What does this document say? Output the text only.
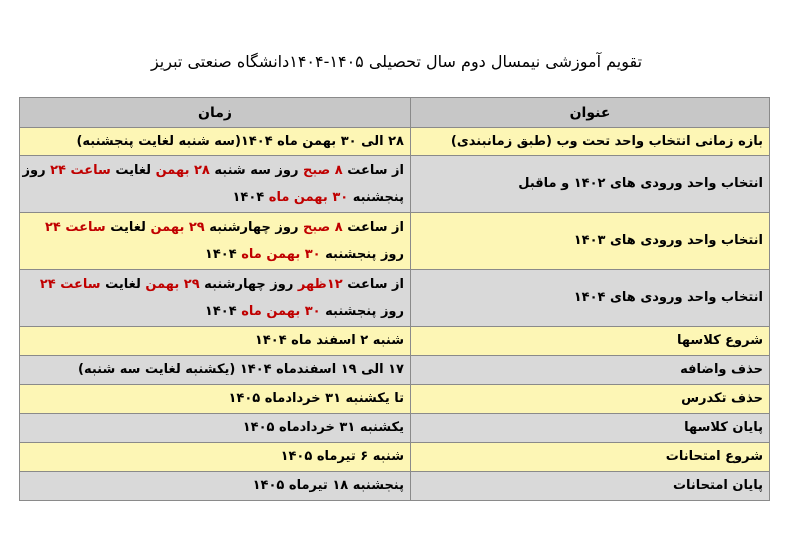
تقویم آموزشی نیمسال دوم سال تحصیلی ۱۴۰۵-۱۴۰۴دانشگاه صنعتی تبریز
عنوان	زمان
بازه زمانی انتخاب واحد تحت وب (طبق زمانبندی)	۲۸ الی ۳۰ بهمن ماه ۱۴۰۴(سه شنبه لغایت پنجشنبه)
انتخاب واحد ورودی های ۱۴۰۲ و ماقبل	از ساعت ۸ صبح روز سه شنبه ۲۸ بهمن لغایت ساعت ۲۴ روز
پنجشنبه ۳۰ بهمن ماه ۱۴۰۴

انتخاب واحد ورودی های ۱۴۰۳	از ساعت ۸ صبح روز چهارشنبه ۲۹ بهمن لغایت ساعت ۲۴
روز پنجشنبه ۳۰ بهمن ماه ۱۴۰۴

انتخاب واحد ورودی های ۱۴۰۴	از ساعت ۱۲ظهر روز چهارشنبه ۲۹ بهمن لغایت ساعت ۲۴
روز پنجشنبه ۳۰ بهمن ماه ۱۴۰۴

شروع کلاسها	شنبه ۲ اسفند ماه ۱۴۰۴
حذف واضافه	۱۷ الی ۱۹ اسفندماه ۱۴۰۴ (یکشنبه لغایت سه شنبه)
حذف تکدرس	تا یکشنبه ۳۱ خردادماه ۱۴۰۵
پایان کلاسها	یکشنبه ۳۱ خردادماه ۱۴۰۵
شروع امتحانات	شنبه ۶ تیرماه ۱۴۰۵
پایان امتحانات	پنجشنبه ۱۸ تیرماه ۱۴۰۵
